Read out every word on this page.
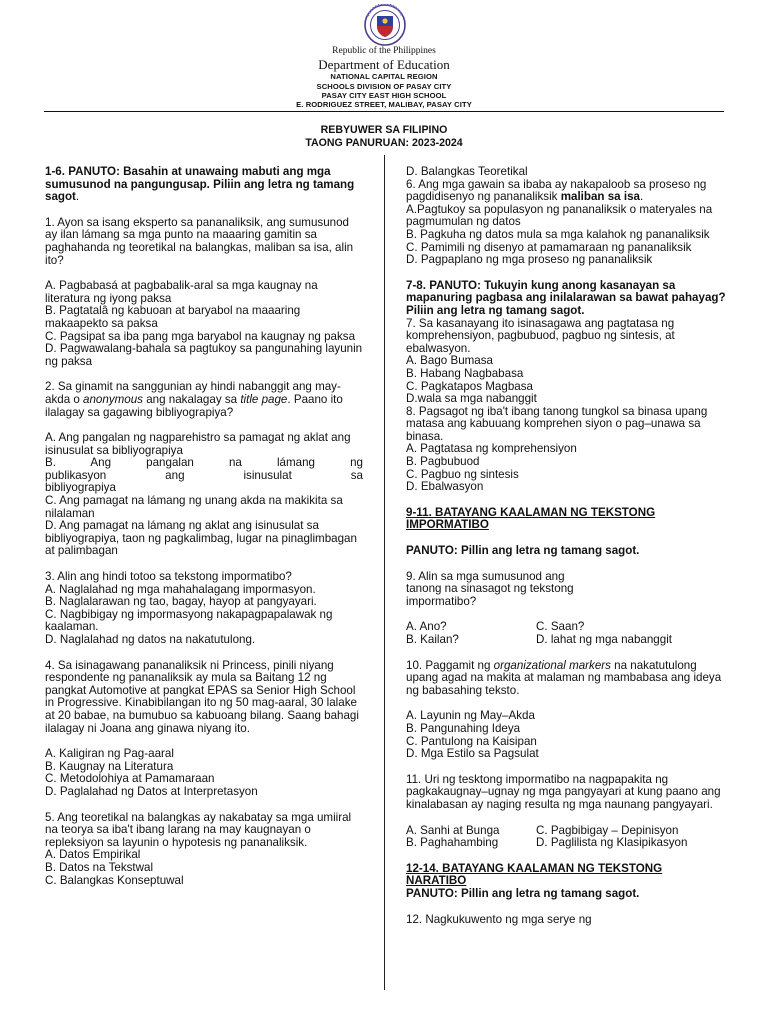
Republic of the Philippines
Department of Education
NATIONAL CAPITAL REGION
SCHOOLS DIVISION OF PASAY CITY
PASAY CITY EAST HIGH SCHOOL
E. RODRIGUEZ STREET, MALIBAY, PASAY CITY
REBYUWER SA FILIPINO
TAONG PANURUAN: 2023-2024

1-6. PANUTO: Basahin at unawaing mabuti ang mga sumusunod na pangungusap. Piliin ang letra ng tamang sagot.

1. Ayon sa isang eksperto sa pananaliksik, ang sumusunod ay ilan lámang sa mga punto na maaaring gamitin sa paghahanda ng teoretikal na balangkas, maliban sa isa, alin ito?

A. Pagbabasá at pagbabalik-aral sa mga kaugnay na literatura ng iyong paksa

B. Pagtatalâ ng kabuoan at baryabol na maaaring makaapekto sa paksa

C. Pagsipat sa iba pang mga baryabol na kaugnay ng paksa

D. Pagwawalang-bahala sa pagtukoy sa pangunahing layunin ng paksa

2. Sa ginamit na sanggunian ay hindi nabanggit ang may-akda o anonymous ang nakalagay sa title page. Paano ito ilalagay sa gagawing bibliyograpiya?

A. Ang pangalan ng nagparehistro sa pamagat ng aklat ang isinusulat sa bibliyograpiya

B. Ang pangalan na lámang ng

publikasyon ang isinusulat sa

bibliyograpiya

C. Ang pamagat na lámang ng unang akda na makikita sa nilalaman

D. Ang pamagat na lámang ng aklat ang isinusulat sa bibliyograpiya, taon ng pagkalimbag, lugar na pinaglimbagan at palimbagan

3. Alin ang hindi totoo sa tekstong impormatibo?

A. Naglalahad ng mga mahahalagang impormasyon.

B. Naglalarawan ng tao, bagay, hayop at pangyayari.

C. Nagbibigay ng impormasyong nakapagpapalawak ng kaalaman.

D. Naglalahad ng datos na nakatutulong.

4. Sa isinagawang pananaliksik ni Princess, pinili niyang respondente ng pananaliksik ay mula sa Baitang 12 ng pangkat Automotive at pangkat EPAS sa Senior High School in Progressive. Kinabibilangan ito ng 50 mag-aaral, 30 lalake at 20 babae, na bumubuo sa kabuoang bilang. Saang bahagi ilalagay ni Joana ang ginawa niyang ito.

A. Kaligiran ng Pag-aaral

B. Kaugnay na Literatura

C. Metodolohiya at Pamamaraan

D. Paglalahad ng Datos at Interpretasyon

5. Ang teoretikal na balangkas ay nakabatay sa mga umiiral na teorya sa iba't ibang larang na may kaugnayan o repleksiyon sa layunin o hypotesis ng pananaliksik.

A. Datos Empirikal

B. Datos na Tekstwal

C. Balangkas Konseptuwal

D. Balangkas Teoretikal

6. Ang mga gawain sa ibaba ay nakapaloob sa proseso ng pagdidisenyo ng pananaliksik maliban sa isa.

A.Pagtukoy sa populasyon ng pananaliksik o materyales na pagmumulan ng datos

B. Pagkuha ng datos mula sa mga kalahok ng pananaliksik

C. Pamimili ng disenyo at pamamaraan ng pananaliksik

D. Pagpaplano ng mga proseso ng pananaliksik

7-8. PANUTO: Tukuyin kung anong kasanayan sa mapanuring pagbasa ang inilalarawan sa bawat pahayag? Piliin ang letra ng tamang sagot.

7. Sa kasanayang ito isinasagawa ang pagtatasa ng komprehensiyon, pagbubuod, pagbuo ng sintesis, at ebalwasyon.

A. Bago Bumasa

B. Habang Nagbabasa

C. Pagkatapos Magbasa

D.wala sa mga nabanggit

8. Pagsagot ng iba't ibang tanong tungkol sa binasa upang matasa ang kabuuang komprehen siyon o pag–unawa sa binasa.

A. Pagtatasa ng komprehensiyon

B. Pagbubuod

C. Pagbuo ng sintesis

D. Ebalwasyon

9-11. BATAYANG KAALAMAN NG TEKSTONG

IMPORMATIBO

PANUTO: Pillin ang letra ng tamang sagot.

9. Alin sa mga sumusunod ang

tanong na sinasagot ng tekstong

impormatibo?

A. Ano?	C. Saan?

B. Kailan?	D. lahat ng mga nabanggit

10. Paggamit ng organizational markers na nakatutulong upang agad na makita at malaman ng mambabasa ang ideya ng babasahing teksto.

A. Layunin ng May–Akda

B. Pangunahing Ideya

C. Pantulong na Kaisipan

D. Mga Estilo sa Pagsulat

11. Uri ng tesktong impormatibo na nagpapakita ng pagkakaugnay–ugnay ng mga pangyayari at kung paano ang kinalabasan ay naging resulta ng mga naunang pangyayari.

A. Sanhi at Bunga	C. Pagbibigay – Depinisyon

B. Paghahambing	D. Paglilista ng Klasipikasyon

12-14. BATAYANG KAALAMAN NG TEKSTONG

NARATIBO

PANUTO: Pillin ang letra ng tamang sagot.

12. Nagkukuwento ng mga serye ng
